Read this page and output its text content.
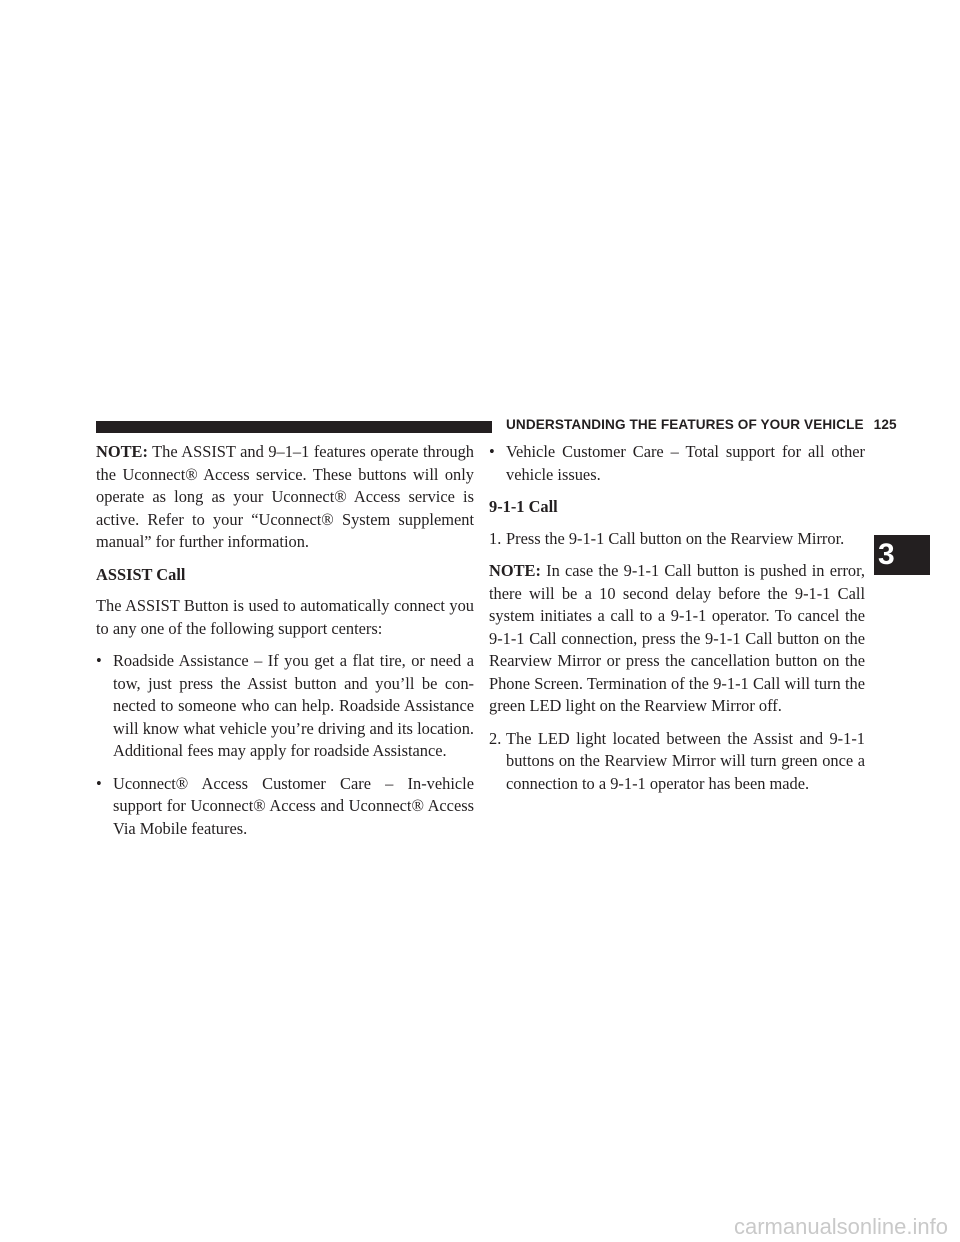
UNDERSTANDING THE FEATURES OF YOUR VEHICLE 125

NOTE: The ASSIST and 9–1–1 features operate through the Uconnect® Access service. These buttons will only operate as long as your Uconnect® Access service is active. Refer to your “Uconnect® System supplement manual” for further information.

ASSIST Call

The ASSIST Button is used to automatically connect you to any one of the following support centers:

• Roadside Assistance – If you get a flat tire, or need a tow, just press the Assist button and you’ll be con-nected to someone who can help. Roadside Assistance will know what vehicle you’re driving and its location. Additional fees may apply for roadside Assistance.
• Uconnect® Access Customer Care – In-vehicle support for Uconnect® Access and Uconnect® Access Via Mobile features.
• Vehicle Customer Care – Total support for all other vehicle issues.

9-1-1 Call

1. Press the 9-1-1 Call button on the Rearview Mirror.

NOTE: In case the 9-1-1 Call button is pushed in error, there will be a 10 second delay before the 9-1-1 Call system initiates a call to a 9-1-1 operator. To cancel the 9-1-1 Call connection, press the 9-1-1 Call button on the Rearview Mirror or press the cancellation button on the Phone Screen. Termination of the 9-1-1 Call will turn the green LED light on the Rearview Mirror off.

2. The LED light located between the Assist and 9-1-1 buttons on the Rearview Mirror will turn green once a connection to a 9-1-1 operator has been made.
3
carmanualsonline.info
